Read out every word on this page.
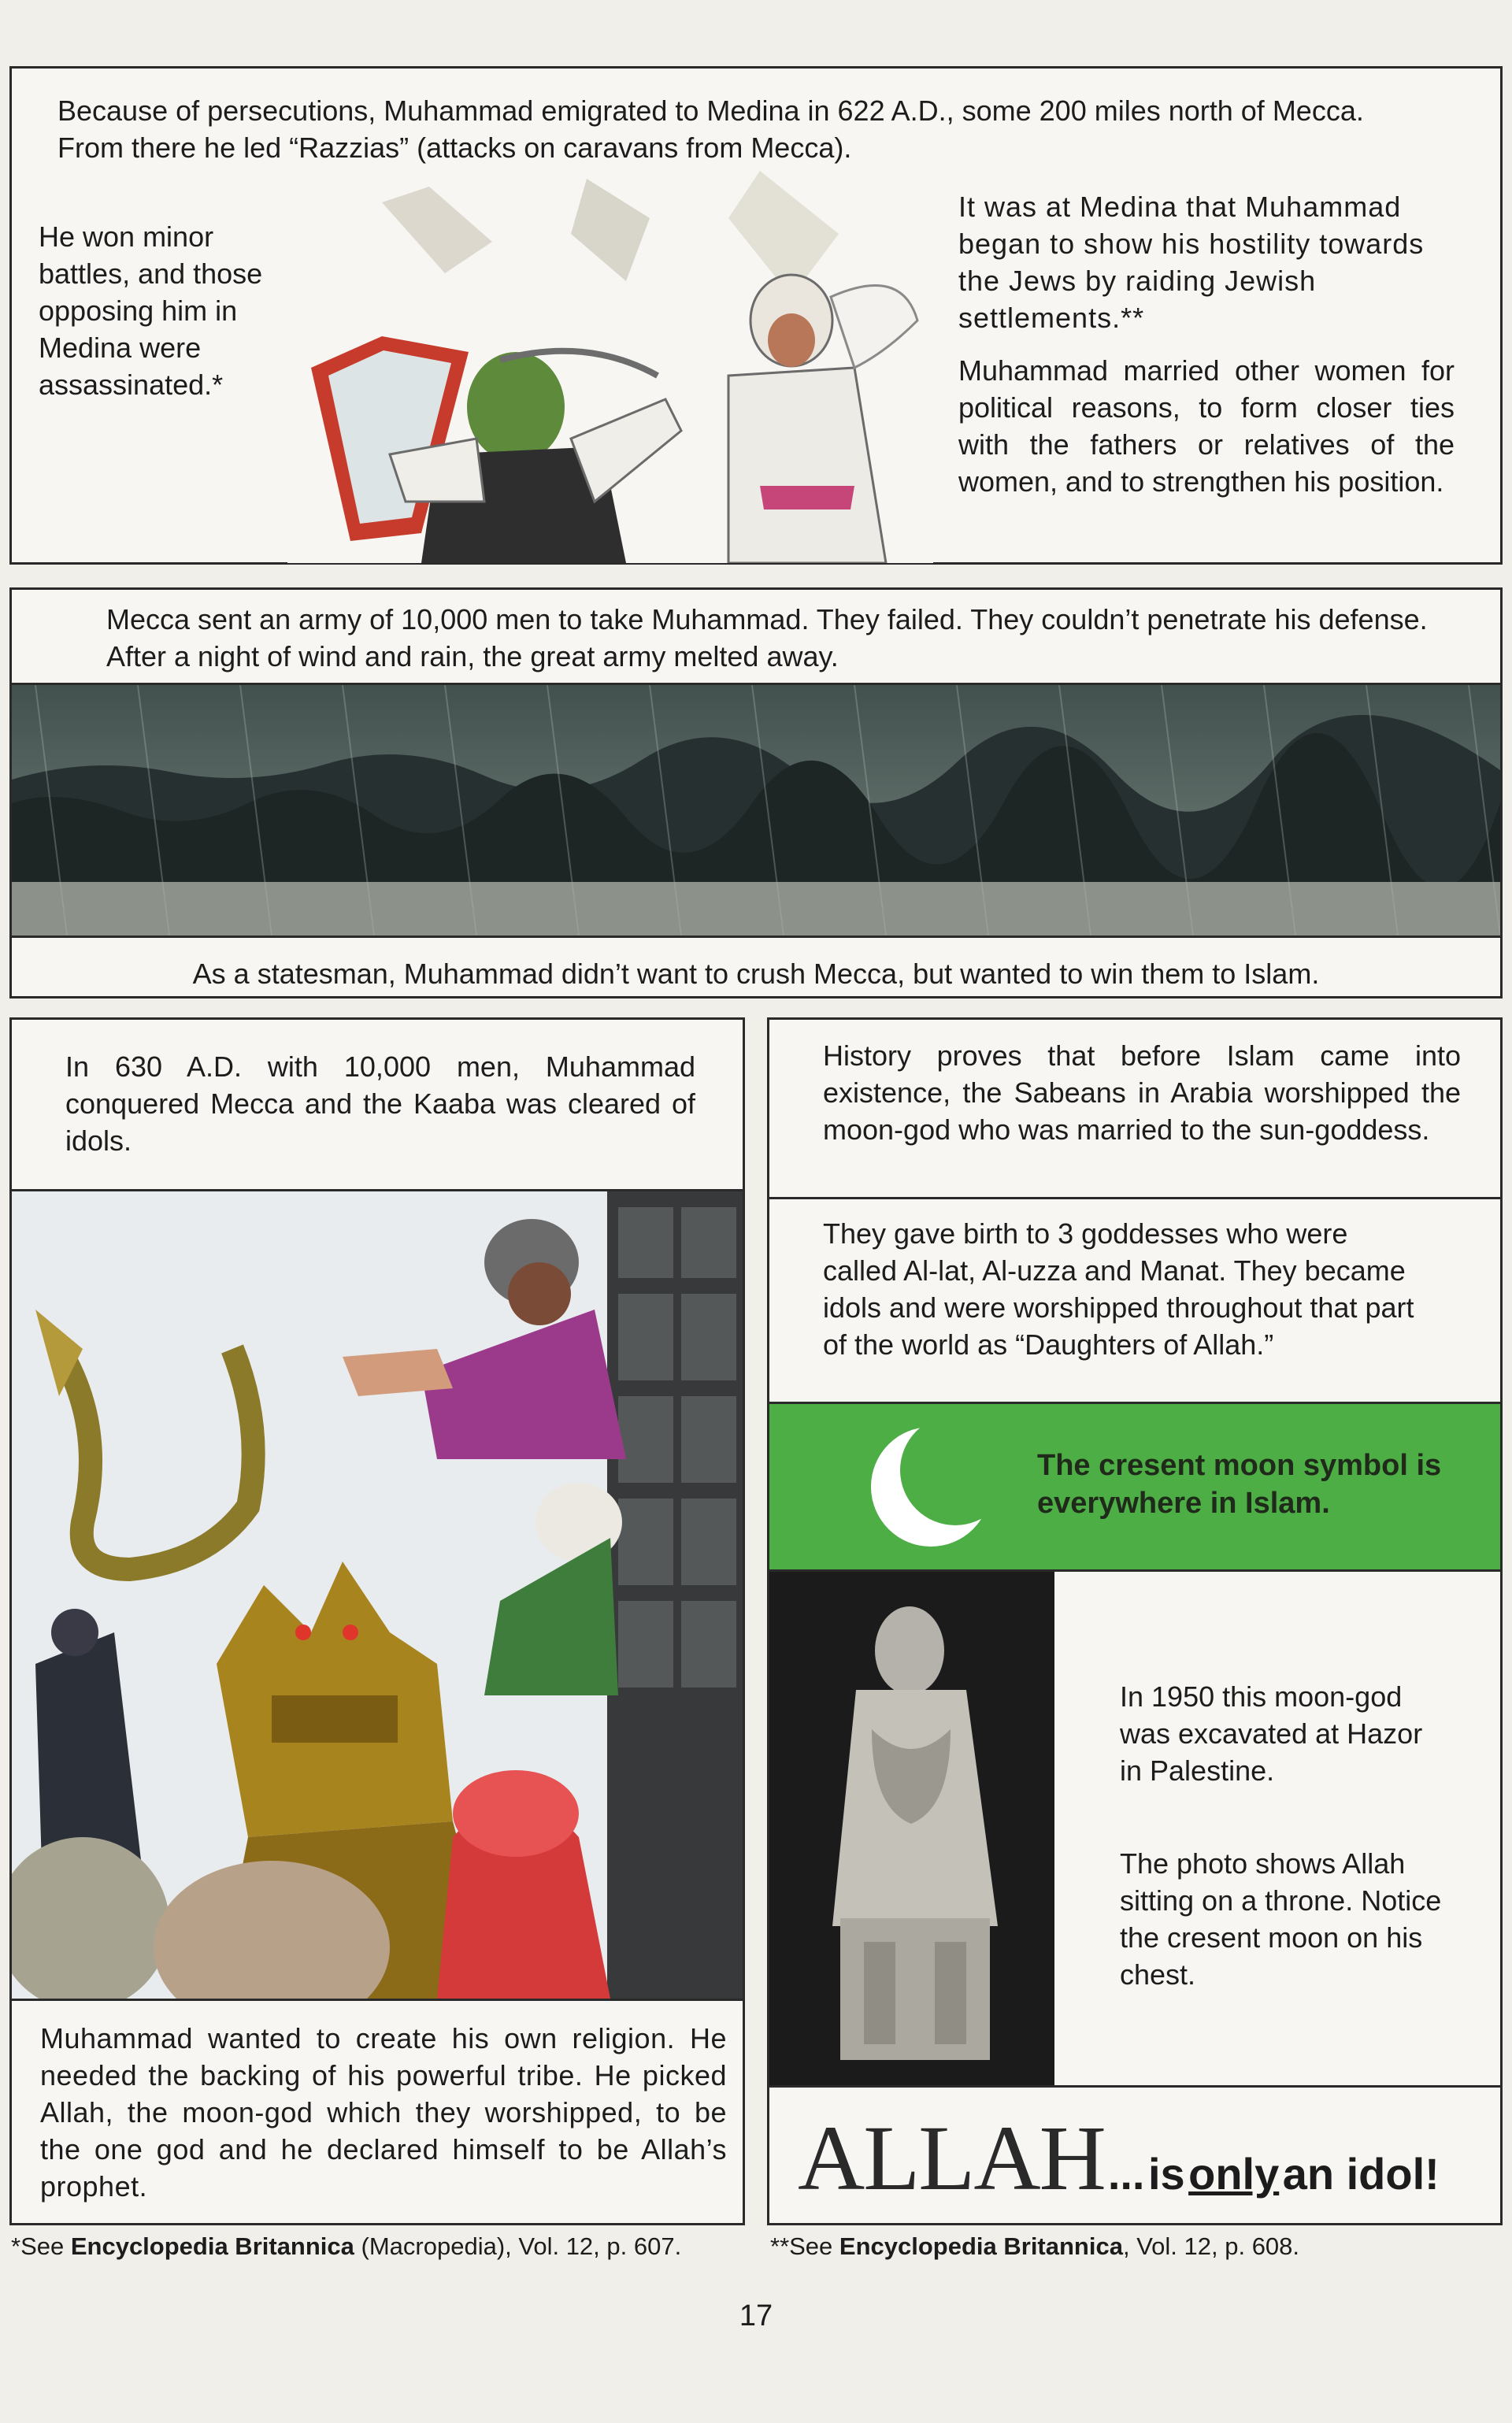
Because of persecutions, Muhammad emigrated to Medina in 622 A.D., some 200 miles north of Mecca. From there he led “Razzias” (attacks on caravans from Mecca).

He won minor battles, and those opposing him in Medina were assassinated.*

It was at Medina that Muhammad began to show his hostility towards the Jews by raiding Jewish settlements.**

Muhammad married other women for political reasons, to form closer ties with the fathers or relatives of the women, and to strengthen his position.

Mecca sent an army of 10,000 men to take Muhammad. They failed. They couldn’t penetrate his defense. After a night of wind and rain, the great army melted away.

As a statesman, Muhammad didn’t want to crush Mecca, but wanted to win them to Islam.

In 630 A.D. with 10,000 men, Muhammad conquered Mecca and the Kaaba was cleared of idols.

Muhammad wanted to create his own religion. He needed the backing of his powerful tribe. He picked Allah, the moon-god which they worshipped, to be the one god and he declared himself to be Allah’s prophet.

History proves that before Islam came into existence, the Sabeans in Arabia worshipped the moon-god who was married to the sun-goddess.

They gave birth to 3 goddesses who were called Al-lat, Al-uzza and Manat. They became idols and were worshipped throughout that part of the world as “Daughters of Allah.”

The cresent moon symbol is everywhere in Islam.

In 1950 this moon-god was excavated at Hazor in Palestine.

The photo shows Allah sitting on a throne. Notice the cresent moon on his chest.

ALLAH... is only an idol!
*See Encyclopedia Britannica (Macropedia), Vol. 12, p. 607.	**See Encyclopedia Britannica, Vol. 12, p. 608.
17
